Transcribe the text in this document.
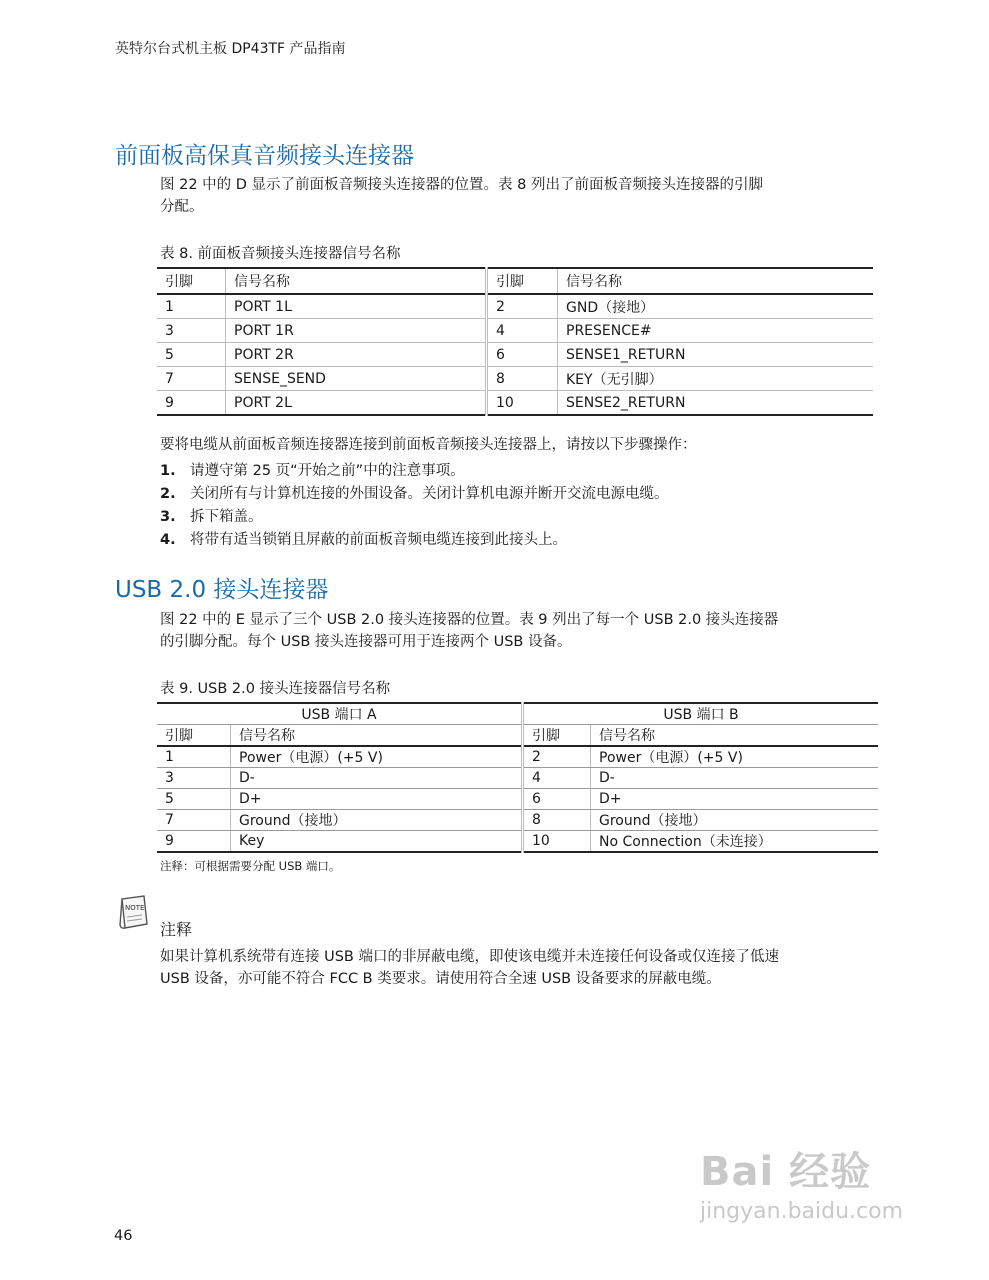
英特尔台式机主板 DP43TF 产品指南
前面板高保真音频接头连接器
图 22 中的 D 显示了前面板音频接头连接器的位置。表 8 列出了前面板音频接头连接器的引脚
分配。
表 8. 前面板音频接头连接器信号名称
引脚	信号名称	引脚	信号名称
1	PORT 1L	2	GND（接地）
3	PORT 1R	4	PRESENCE#
5	PORT 2R	6	SENSE1_RETURN
7	SENSE_SEND	8	KEY（无引脚）
9	PORT 2L	10	SENSE2_RETURN
要将电缆从前面板音频连接器连接到前面板音频接头连接器上，请按以下步骤操作：
1. 请遵守第 25 页“开始之前”中的注意事项。
2. 关闭所有与计算机连接的外围设备。关闭计算机电源并断开交流电源电缆。
3. 拆下箱盖。
4. 将带有适当锁销且屏蔽的前面板音频电缆连接到此接头上。
USB 2.0 接头连接器
图 22 中的 E 显示了三个 USB 2.0 接头连接器的位置。表 9 列出了每一个 USB 2.0 接头连接器
的引脚分配。每个 USB 接头连接器可用于连接两个 USB 设备。
表 9. USB 2.0 接头连接器信号名称
USB 端口 A		USB 端口 B	
引脚	信号名称	引脚	信号名称
1	Power（电源）(+5 V)	2	Power（电源）(+5 V)
3	D-	4	D-
5	D+	6	D+
7	Ground（接地）	8	Ground（接地）
9	Key	10	No Connection（未连接）
注释：可根据需要分配 USB 端口。
NOTE
注释
如果计算机系统带有连接 USB 端口的非屏蔽电缆，即使该电缆并未连接任何设备或仅连接了低速
USB 设备，亦可能不符合 FCC B 类要求。请使用符合全速 USB 设备要求的屏蔽电缆。
46
Bai 经验
jingyan.baidu.com
